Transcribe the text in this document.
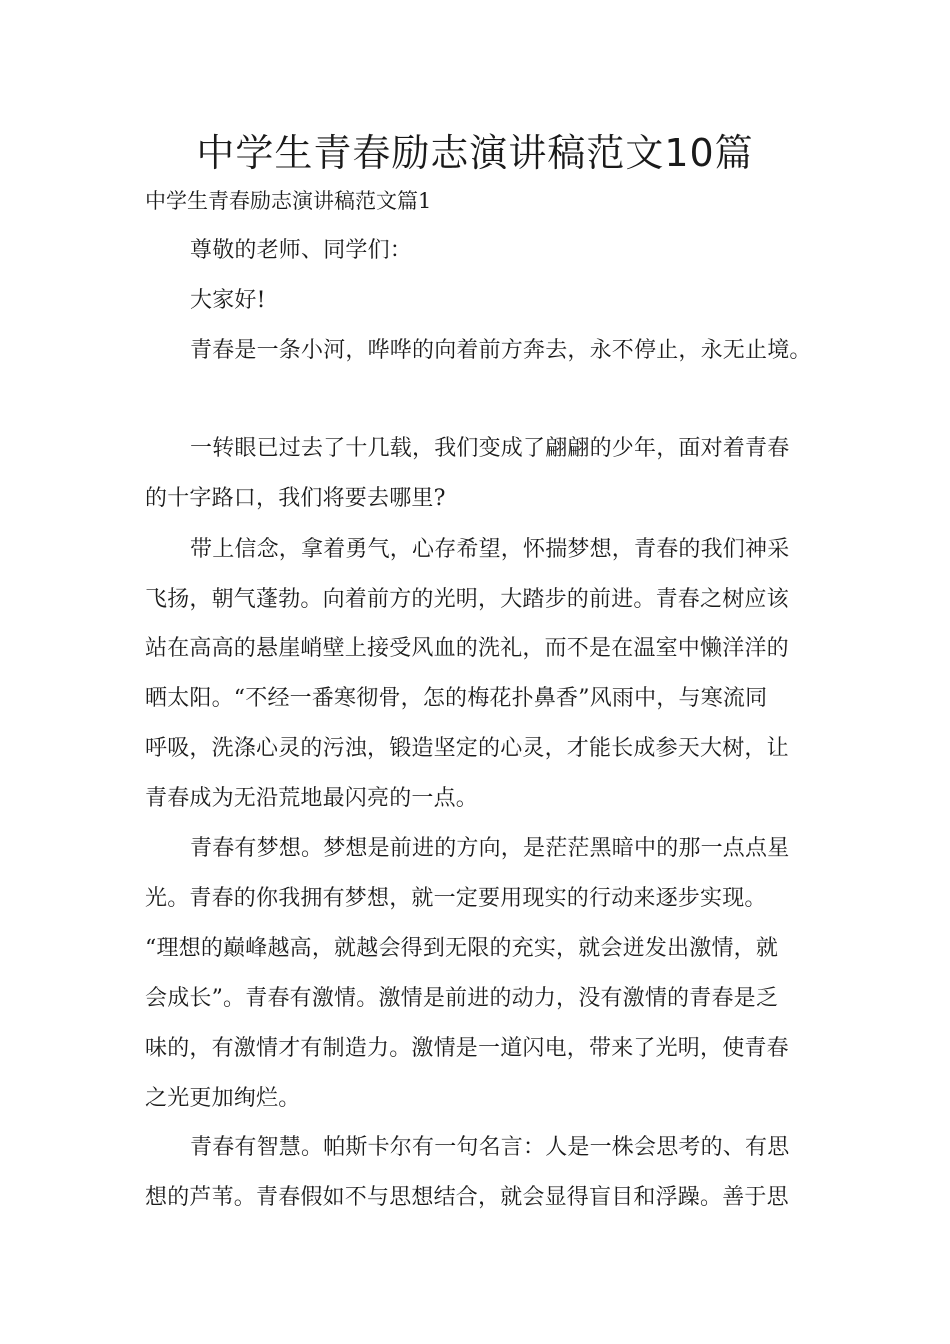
中学生青春励志演讲稿范文10篇
中学生青春励志演讲稿范文篇1
尊敬的老师、同学们：
大家好!
青春是一条小河，哗哗的向着前方奔去，永不停止，永无止境。
一转眼已过去了十几载，我们变成了翩翩的少年，面对着青春
的十字路口，我们将要去哪里?
带上信念，拿着勇气，心存希望，怀揣梦想，青春的我们神采
飞扬，朝气蓬勃。向着前方的光明，大踏步的前进。青春之树应该
站在高高的悬崖峭壁上接受风血的洗礼，而不是在温室中懒洋洋的
晒太阳。“不经一番寒彻骨，怎的梅花扑鼻香”风雨中，与寒流同
呼吸，洗涤心灵的污浊，锻造坚定的心灵，才能长成参天大树，让
青春成为无沿荒地最闪亮的一点。
青春有梦想。梦想是前进的方向，是茫茫黑暗中的那一点点星
光。青春的你我拥有梦想，就一定要用现实的行动来逐步实现。
“理想的巅峰越高，就越会得到无限的充实，就会迸发出激情，就
会成长”。青春有激情。激情是前进的动力，没有激情的青春是乏
味的，有激情才有制造力。激情是一道闪电，带来了光明，使青春
之光更加绚烂。
青春有智慧。帕斯卡尔有一句名言：人是一株会思考的、有思
想的芦苇。青春假如不与思想结合，就会显得盲目和浮躁。善于思
